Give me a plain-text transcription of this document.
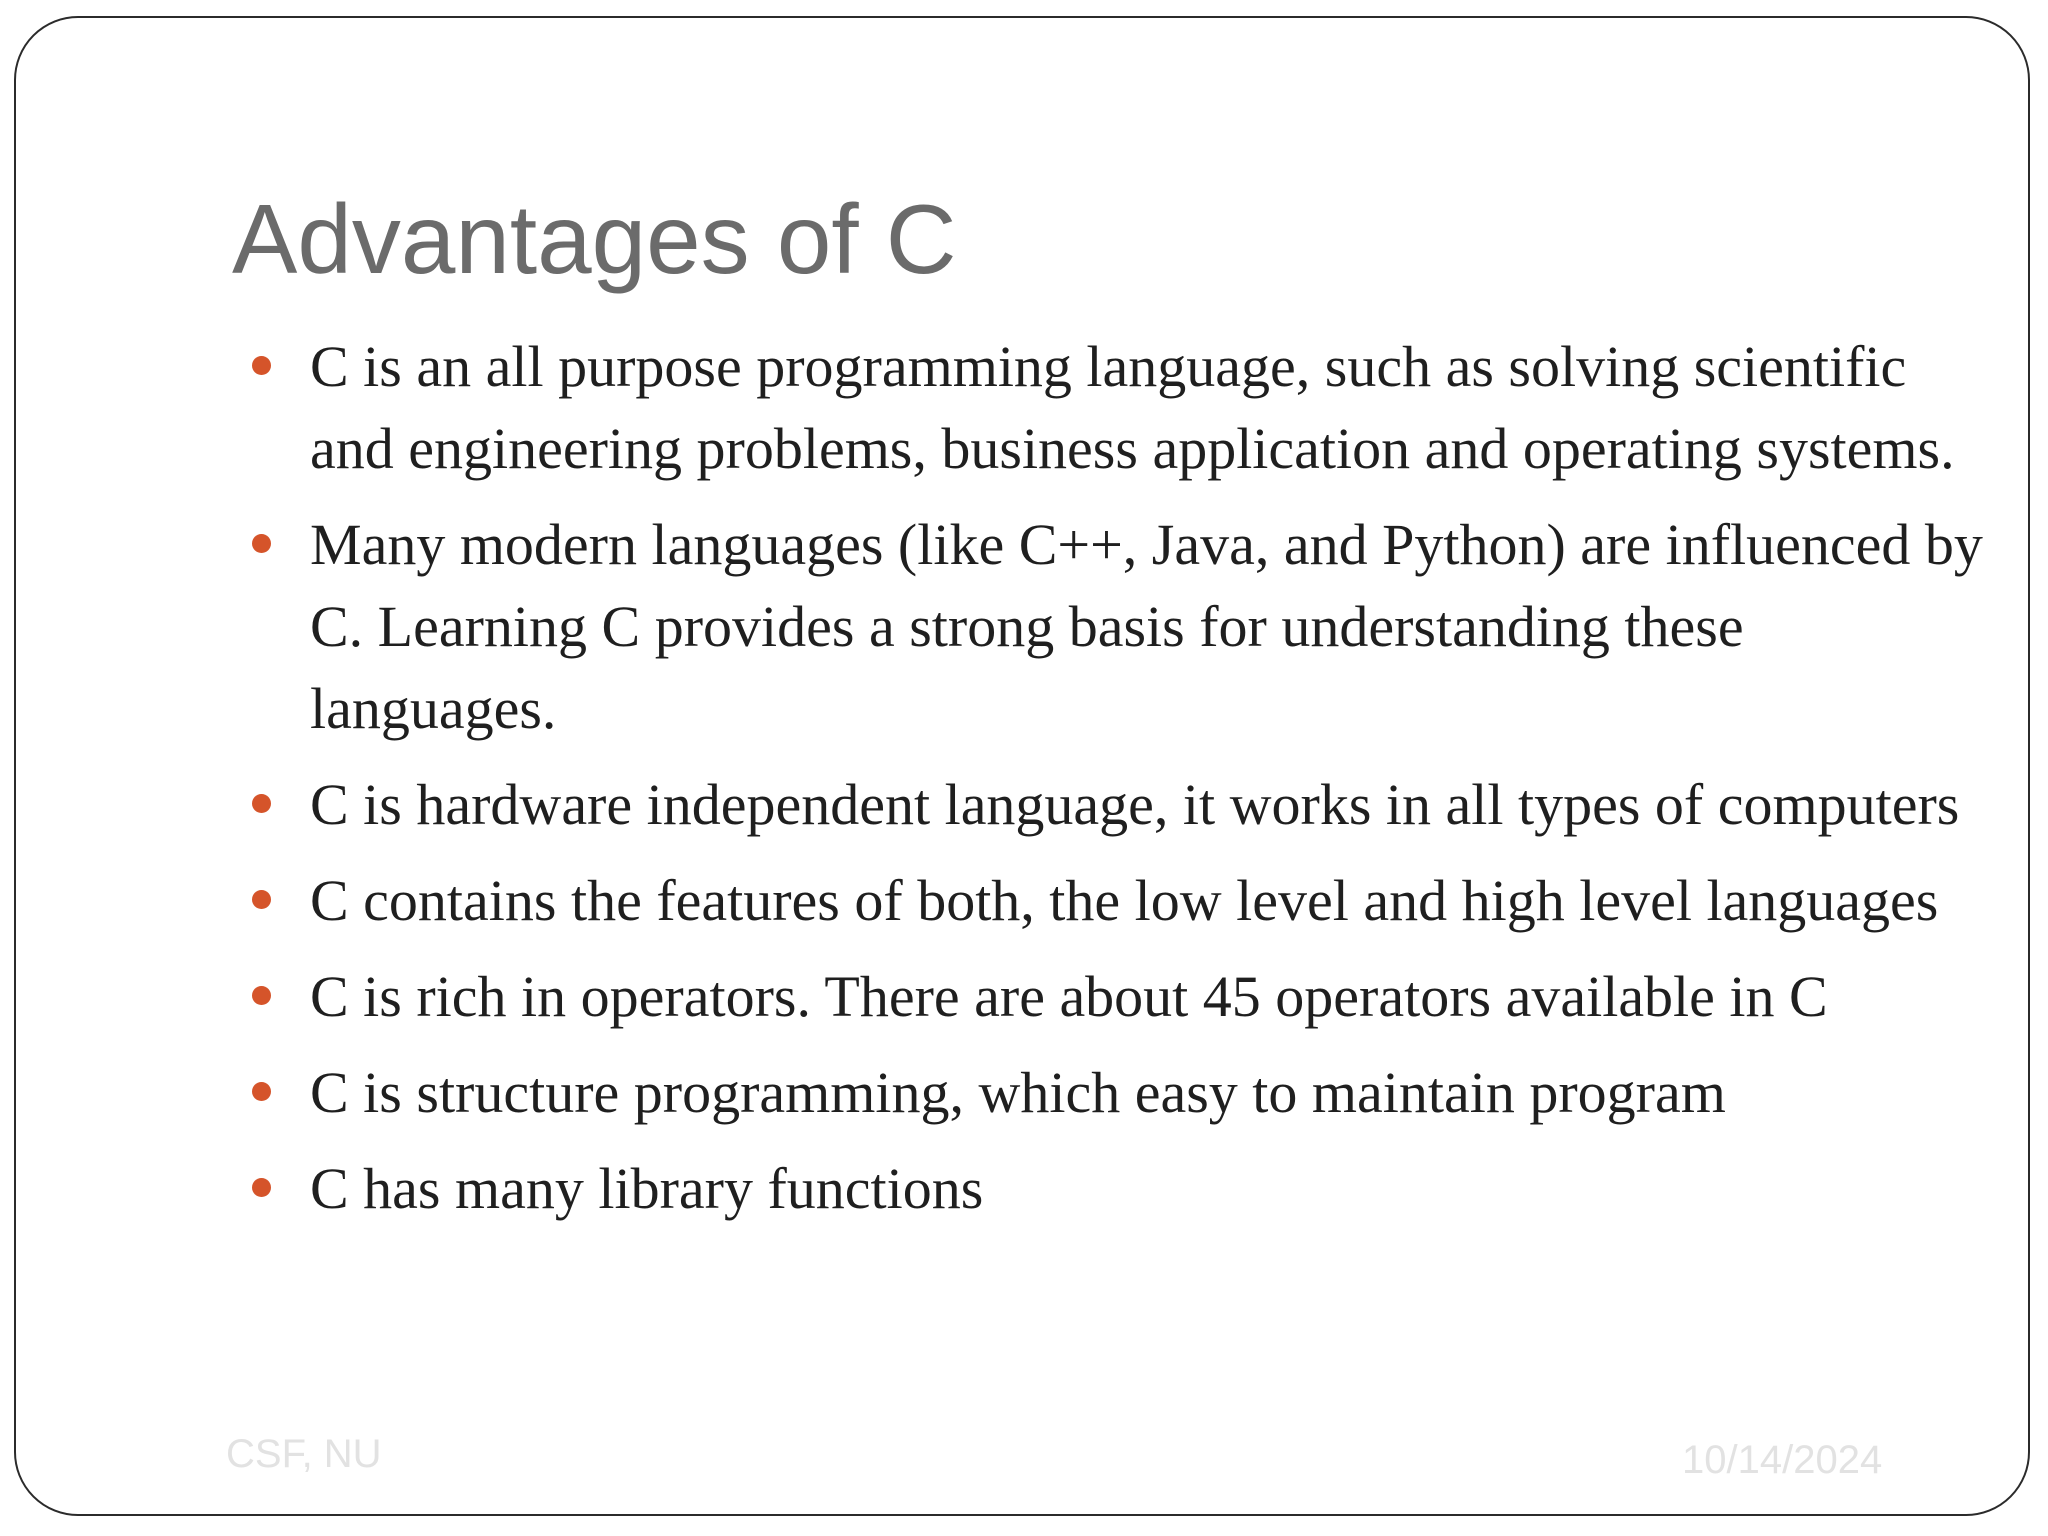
CSF, NU	10/14/2024
Advantages of C
C is an all purpose programming language, such as solving scientific and engineering problems, business application and operating systems.
Many modern languages (like C++, Java, and Python) are influenced by C. Learning C provides a strong basis for understanding these languages.
C is hardware independent language, it works in all types of computers
C contains the features of both, the low level and high level languages
C is rich in operators. There are about 45 operators available in C
C is structure programming, which easy to maintain program
C has many library functions
